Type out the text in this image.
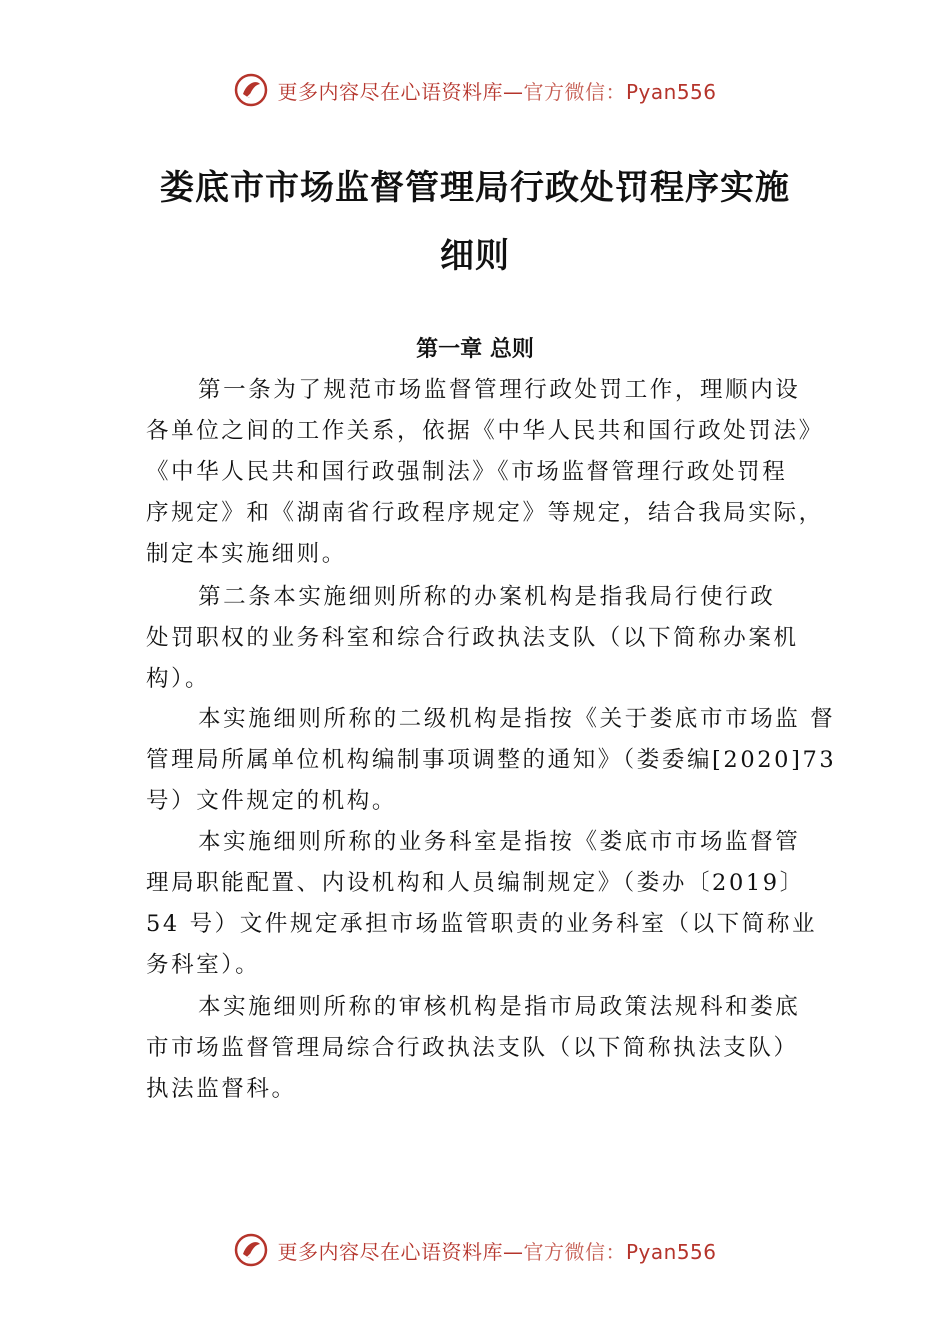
更多内容尽在心语资料库—官方微信：Pyan556
娄底市市场监督管理局行政处罚程序实施
细则
第一章 总则

第一条为了规范市场监督管理行政处罚工作，理顺内设
各单位之间的工作关系，依据《中华人民共和国行政处罚法》
《中华人民共和国行政强制法》《市场监督管理行政处罚程
序规定》和《湖南省行政程序规定》等规定，结合我局实际，
制定本实施细则。

第二条本实施细则所称的办案机构是指我局行使行政
处罚职权的业务科室和综合行政执法支队（以下简称办案机
构）。

本实施细则所称的二级机构是指按《关于娄底市市场监 督
管理局所属单位机构编制事项调整的通知》（娄委编[2020]73
号）文件规定的机构。

本实施细则所称的业务科室是指按《娄底市市场监督管
理局职能配置、内设机构和人员编制规定》（娄办〔2019〕
54 号）文件规定承担市场监管职责的业务科室（以下简称业
务科室）。

本实施细则所称的审核机构是指市局政策法规科和娄底
市市场监督管理局综合行政执法支队（以下简称执法支队）
执法监督科。

更多内容尽在心语资料库—官方微信：Pyan556
